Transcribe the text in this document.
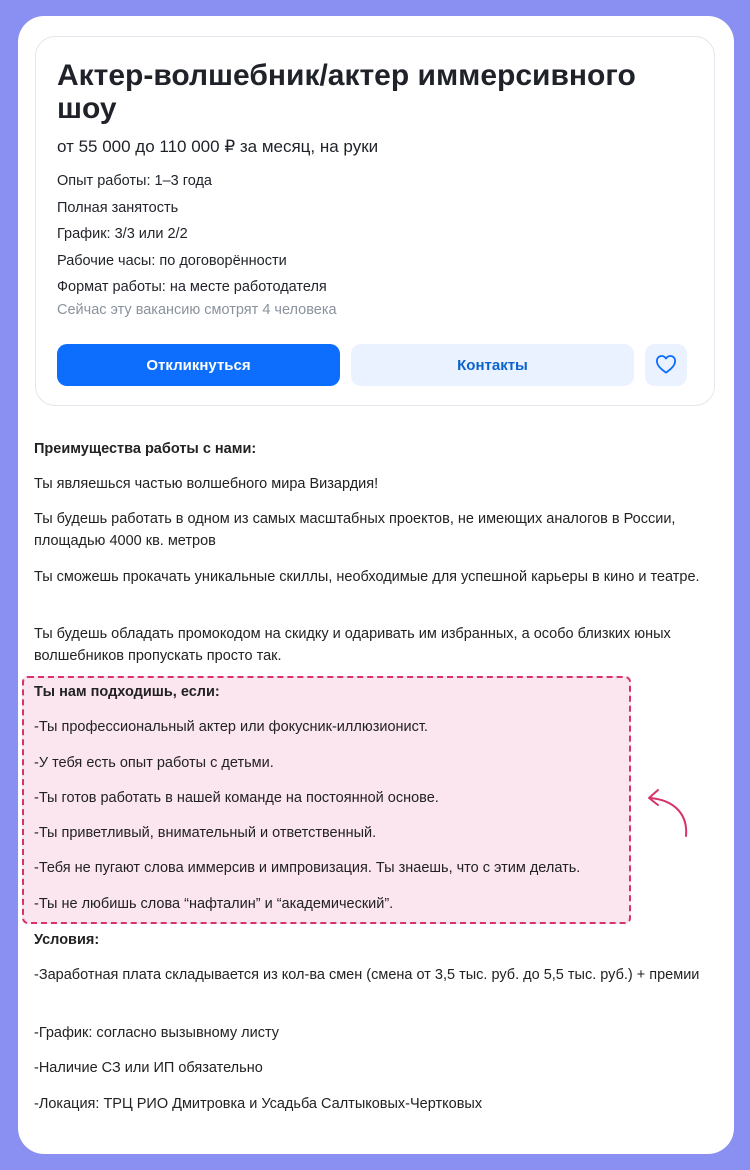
Актер-волшебник/актер иммерсивного шоу
от 55 000 до 110 000 ₽ за месяц, на руки
Опыт работы: 1–3 года
Полная занятость
График: 3/3 или 2/2
Рабочие часы: по договорённости
Формат работы: на месте работодателя
Сейчас эту вакансию смотрят 4 человека
Откликнуться	Контакты

Преимущества работы с нами:

Ты являешься частью волшебного мира Визардия!
Ты будешь работать в одном из самых масштабных проектов, не имеющих аналогов в России, площадью 4000 кв. метров
Ты сможешь прокачать уникальные скиллы, необходимые для успешной карьеры в кино и театре.
Ты будешь обладать промокодом на скидку и одаривать им избранных, а особо близких юных волшебников пропускать просто так.

Ты нам подходишь, если:

-Ты профессиональный актер или фокусник-иллюзионист.
-У тебя есть опыт работы с детьми.
-Ты готов работать в нашей команде на постоянной основе.
-Ты приветливый, внимательный и ответственный.
-Тебя не пугают слова иммерсив и импровизация. Ты знаешь, что с этим делать.
-Ты не любишь слова “нафталин” и “академический”.

Условия:

-Заработная плата складывается из кол-ва смен (смена от 3,5 тыс. руб. до 5,5 тыс. руб.) + премии
-График: согласно вызывному листу
-Наличие СЗ или ИП обязательно
-Локация: ТРЦ РИО Дмитровка и Усадьба Салтыковых-Чертковых
